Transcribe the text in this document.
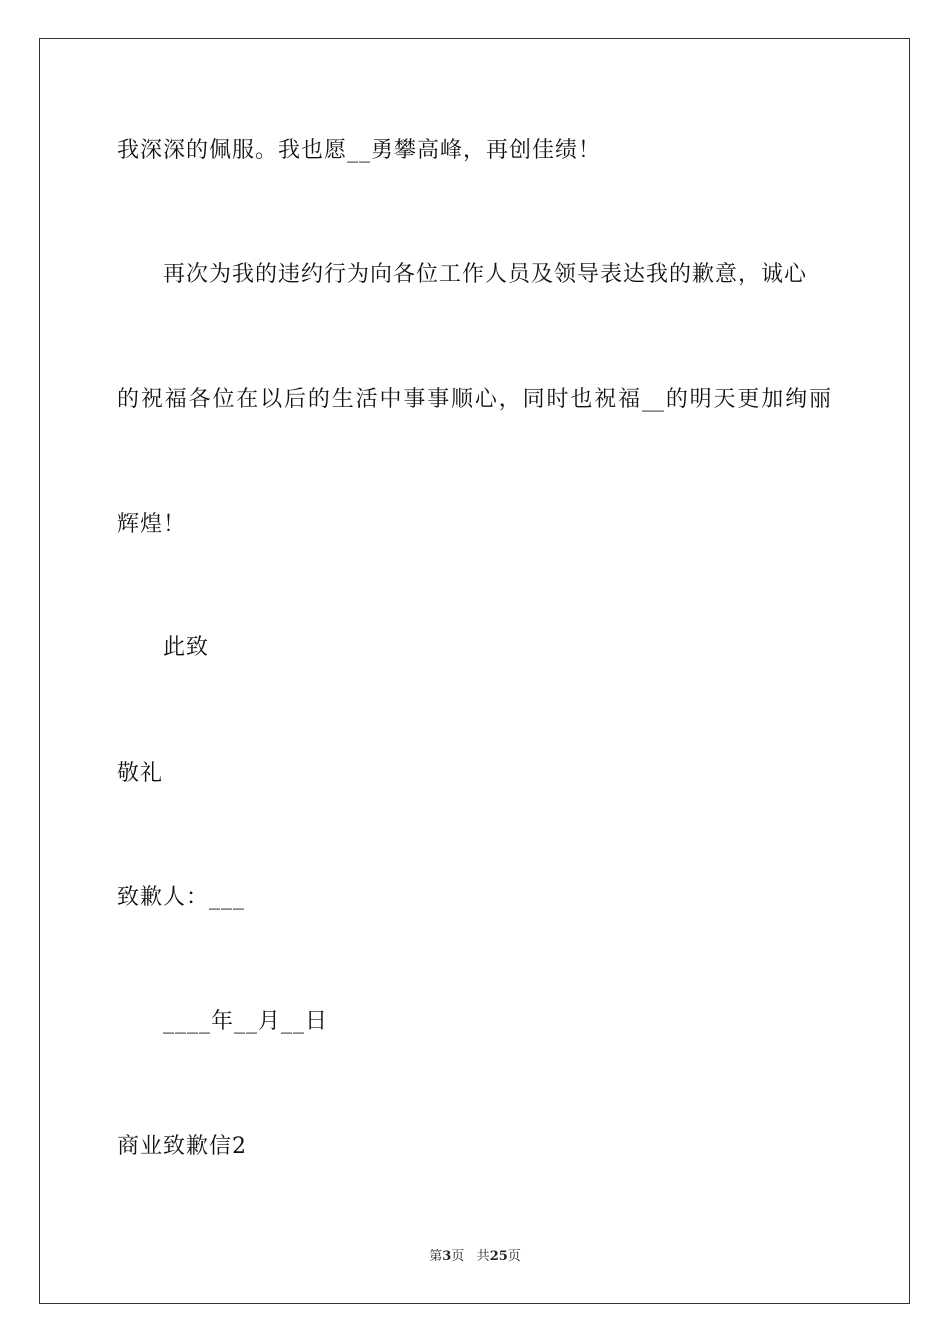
我深深的佩服。我也愿__勇攀高峰，再创佳绩！
再次为我的违约行为向各位工作人员及领导表达我的歉意，诚心
的祝福各位在以后的生活中事事顺心，同时也祝福__的明天更加绚丽
辉煌！
此致
敬礼
致歉人：___
____年__月__日
商业致歉信2
第3页 共25页
